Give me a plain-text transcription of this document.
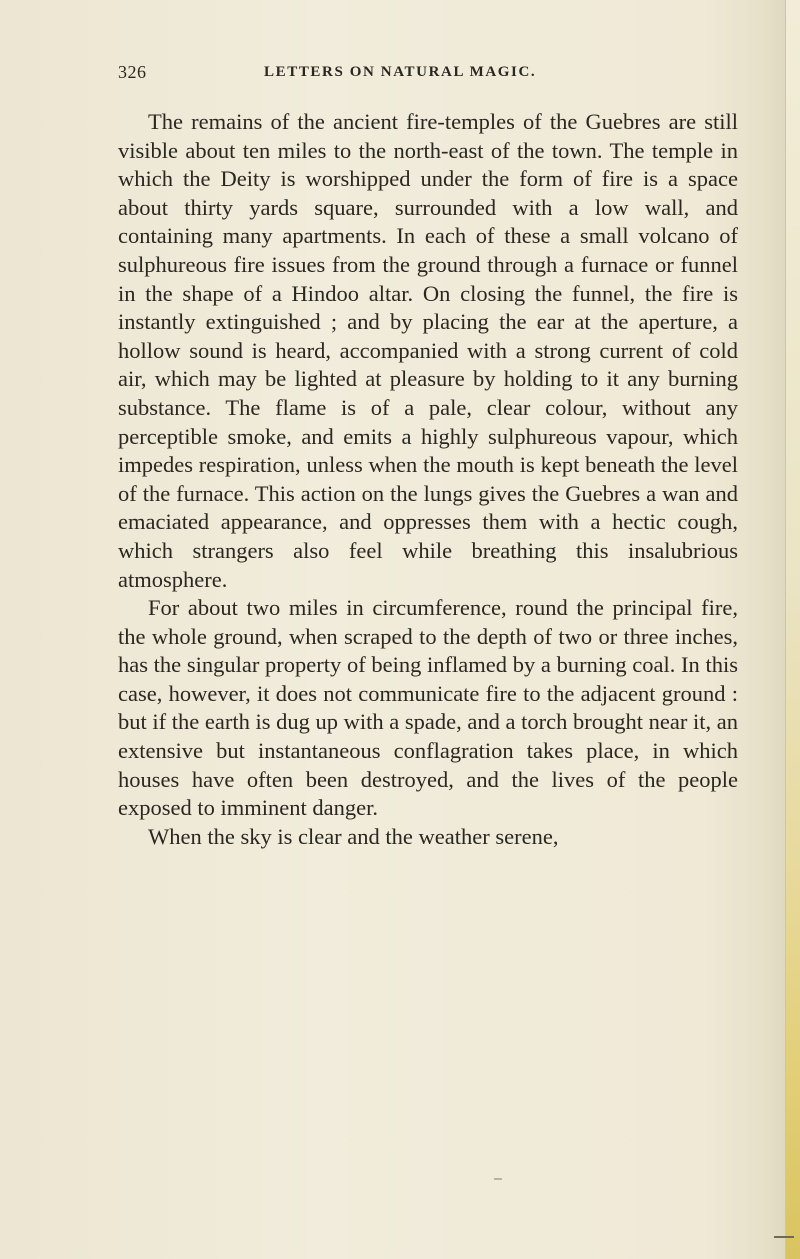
326	LETTERS ON NATURAL MAGIC.

The remains of the ancient fire-temples of the Guebres are still visible about ten miles to the north-east of the town. The temple in which the Deity is worshipped under the form of fire is a space about thirty yards square, surrounded with a low wall, and containing many apartments. In each of these a small volcano of sulphureous fire issues from the ground through a furnace or funnel in the shape of a Hindoo altar. On closing the funnel, the fire is instantly extinguished ; and by placing the ear at the aperture, a hollow sound is heard, accompanied with a strong current of cold air, which may be lighted at pleasure by holding to it any burning substance. The flame is of a pale, clear colour, without any perceptible smoke, and emits a highly sulphureous vapour, which impedes respiration, unless when the mouth is kept beneath the level of the furnace. This action on the lungs gives the Guebres a wan and emaciated appearance, and oppresses them with a hectic cough, which strangers also feel while breathing this insalubrious atmosphere.

For about two miles in circumference, round the principal fire, the whole ground, when scraped to the depth of two or three inches, has the singular property of being inflamed by a burning coal. In this case, however, it does not communicate fire to the adjacent ground : but if the earth is dug up with a spade, and a torch brought near it, an extensive but instantaneous conflagration takes place, in which houses have often been destroyed, and the lives of the people exposed to imminent danger.

When the sky is clear and the weather serene,
